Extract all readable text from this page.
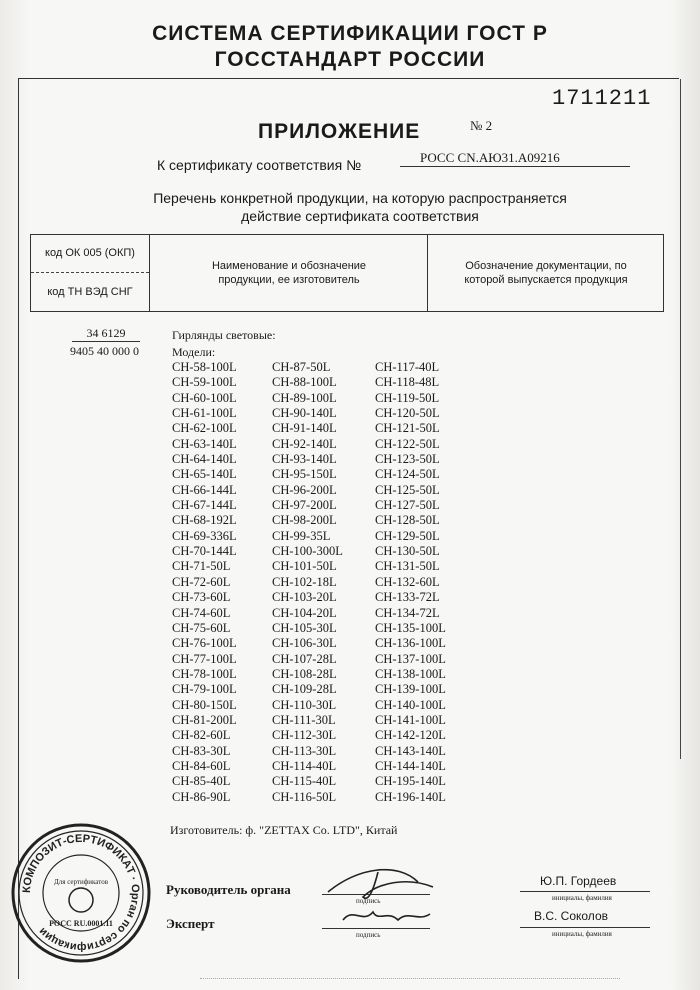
СИСТЕМА СЕРТИФИКАЦИИ ГОСТ Р
ГОССТАНДАРТ РОССИИ
1711211
ПРИЛОЖЕНИЕ	№ 2
К сертификату соответствия №	РОСС CN.АЮ31.А09216
Перечень конкретной продукции, на которую распространяется
действие сертификата соответствия
код ОК 005 (ОКП)
код ТН ВЭД СНГ
Наименование и обозначение продукции, ее изготовитель
Обозначение документации, по которой выпускается продукция
34 6129
9405 40 000 0
Гирлянды световые:
Модели:
СН-58-100L
СН-59-100L
СН-60-100L
СН-61-100L
СН-62-100L
СН-63-140L
СН-64-140L
СН-65-140L
СН-66-144L
СН-67-144L
СН-68-192L
СН-69-336L
СН-70-144L
СН-71-50L
СН-72-60L
СН-73-60L
СН-74-60L
СН-75-60L
СН-76-100L
СН-77-100L
СН-78-100L
СН-79-100L
СН-80-150L
СН-81-200L
СН-82-60L
СН-83-30L
СН-84-60L
СН-85-40L
СН-86-90L
СН-87-50L
СН-88-100L
СН-89-100L
СН-90-140L
СН-91-140L
СН-92-140L
СН-93-140L
СН-95-150L
СН-96-200L
СН-97-200L
СН-98-200L
СН-99-35L
СН-100-300L
СН-101-50L
СН-102-18L
СН-103-20L
СН-104-20L
СН-105-30L
СН-106-30L
СН-107-28L
СН-108-28L
СН-109-28L
СН-110-30L
СН-111-30L
СН-112-30L
СН-113-30L
СН-114-40L
СН-115-40L
СН-116-50L
СН-117-40L
СН-118-48L
СН-119-50L
СН-120-50L
СН-121-50L
СН-122-50L
СН-123-50L
СН-124-50L
СН-125-50L
СН-127-50L
СН-128-50L
СН-129-50L
СН-130-50L
СН-131-50L
СН-132-60L
СН-133-72L
СН-134-72L
СН-135-100L
СН-136-100L
СН-137-100L
СН-138-100L
СН-139-100L
СН-140-100L
СН-141-100L
СН-142-120L
СН-143-140L
СН-144-140L
СН-195-140L
СН-196-140L
Изготовитель: ф. "ZETTAX Co. LTD", Китай
КОМПОЗИТ-СЕРТИФИКАТ · Орган по сертификации
Для сертификатов
РОСС RU.0001.11
Руководитель органа
подпись
Эксперт
подпись
Ю.П. Гордеев
инициалы, фамилия
В.С. Соколов
инициалы, фамилия
